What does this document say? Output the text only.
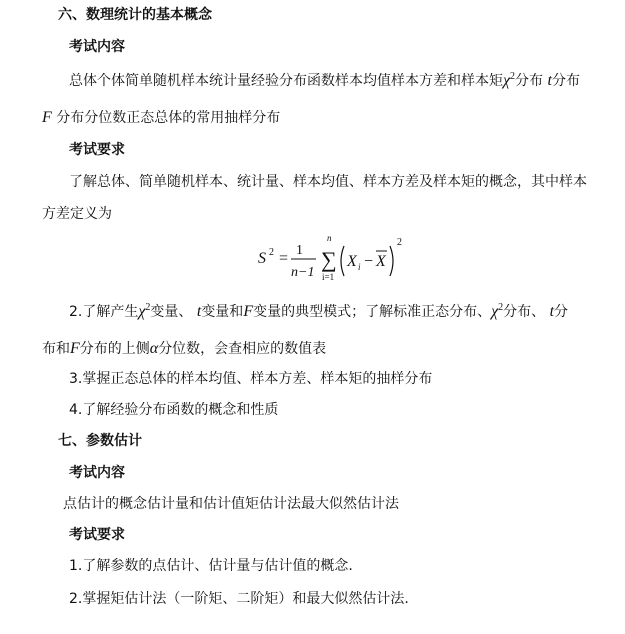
六、数理统计的基本概念
考试内容
总体个体简单随机样本统计量经验分布函数样本均值样本方差和样本矩$\chi^2$分布 t分布
F 分布分位数正态总体的常用抽样分布
考试要求
了解总体、简单随机样本、统计量、样本均值、样本方差及样本矩的概念，其中样本
方差定义为
S 2 = 1
n−1
n
∑
i=1
X i − X
2
2.了解产生$\chi^2$变量、 t变量和F变量的典型模式；了解标准正态分布、$\chi^2$分布、 t分
布和F分布的上侧α分位数，会查相应的数值表
3.掌握正态总体的样本均值、样本方差、样本矩的抽样分布
4.了解经验分布函数的概念和性质
七、参数估计
考试内容
点估计的概念估计量和估计值矩估计法最大似然估计法
考试要求
1.了解参数的点估计、估计量与估计值的概念.
2.掌握矩估计法（一阶矩、二阶矩）和最大似然估计法.
